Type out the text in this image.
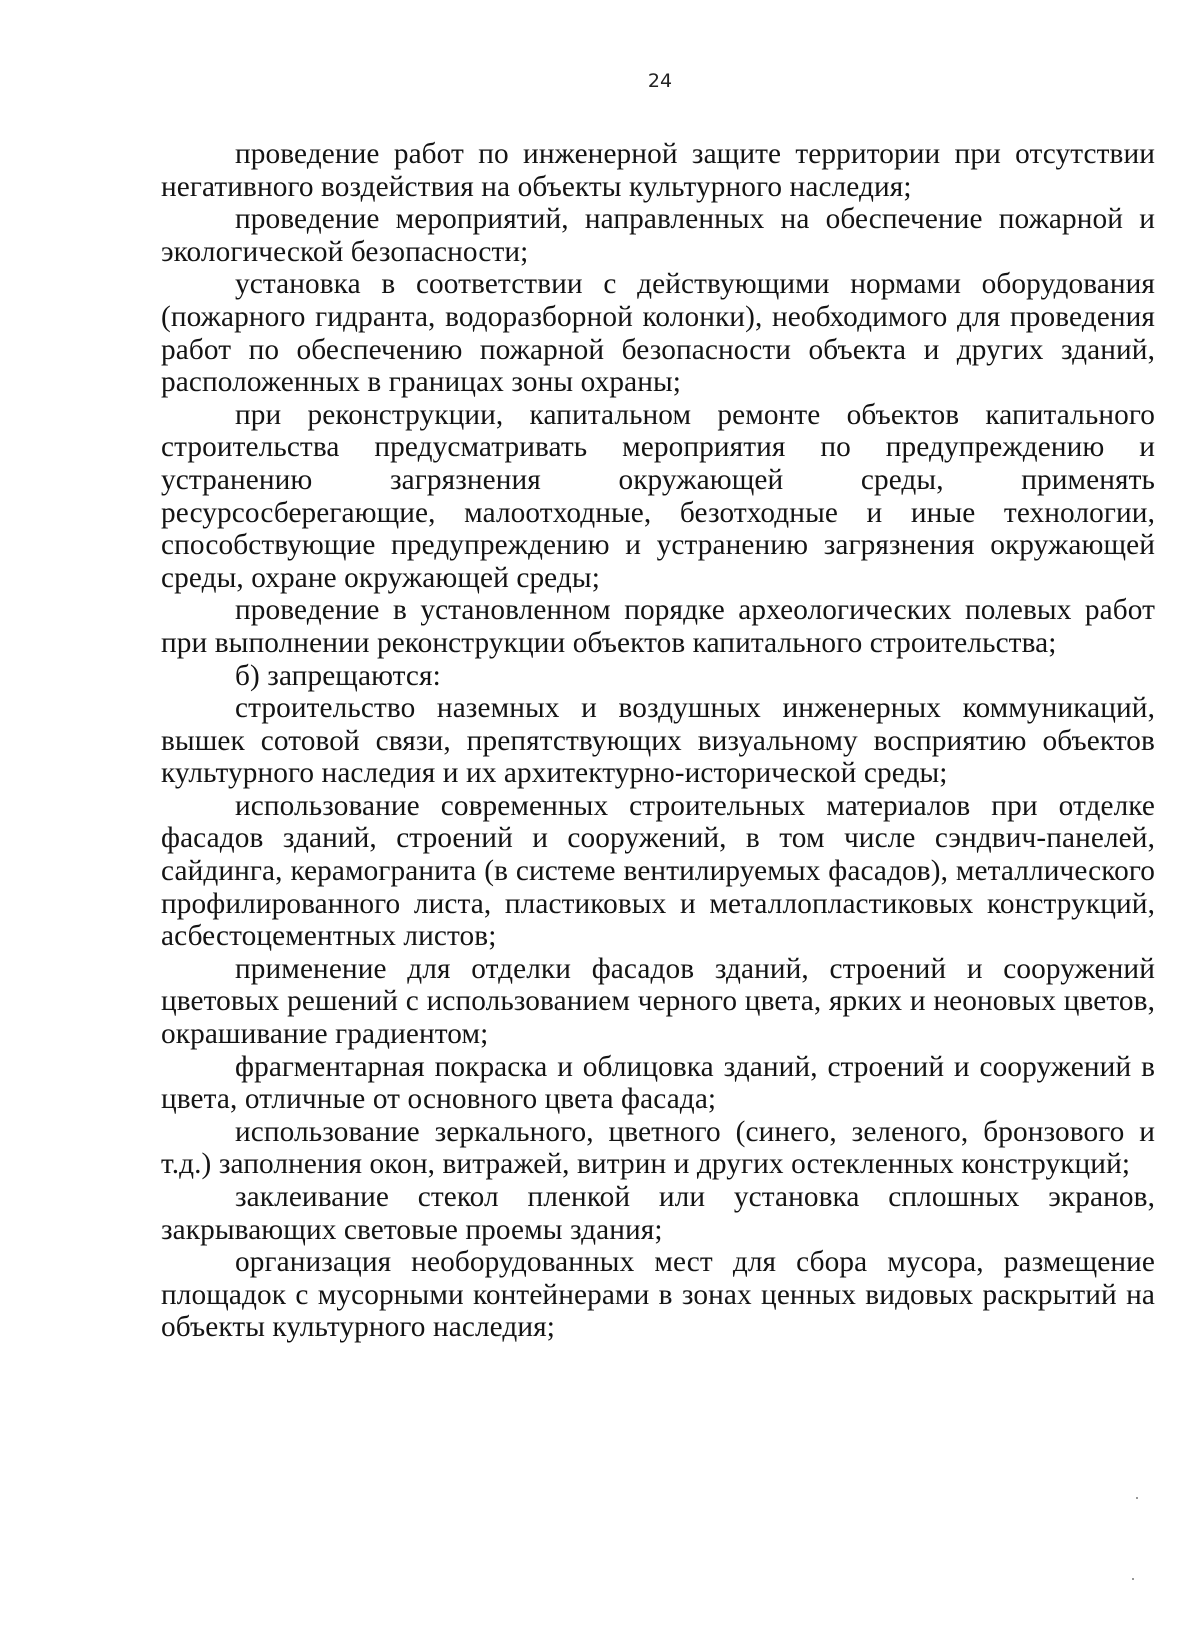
24

проведение работ по инженерной защите территории при отсутствии негативного воздействия на объекты культурного наследия;

проведение мероприятий, направленных на обеспечение пожарной и экологической безопасности;

установка в соответствии с действующими нормами оборудования (пожарного гидранта, водоразборной колонки), необходимого для проведения работ по обеспечению пожарной безопасности объекта и других зданий, расположенных в границах зоны охраны;

при реконструкции, капитальном ремонте объектов капитального строительства предусматривать мероприятия по предупреждению и устранению загрязнения окружающей среды, применять ресурсосберегающие, малоотходные, безотходные и иные технологии, способствующие предупреждению и устранению загрязнения окружающей среды, охране окружающей среды;

проведение в установленном порядке археологических полевых работ при выполнении реконструкции объектов капитального строительства;

б) запрещаются:

строительство наземных и воздушных инженерных коммуникаций, вышек сотовой связи, препятствующих визуальному восприятию объектов культурного наследия и их архитектурно-исторической среды;

использование современных строительных материалов при отделке фасадов зданий, строений и сооружений, в том числе сэндвич-панелей, сайдинга, керамогранита (в системе вентилируемых фасадов), металлического профилированного листа, пластиковых и металлопластиковых конструкций, асбестоцементных листов;

применение для отделки фасадов зданий, строений и сооружений цветовых решений с использованием черного цвета, ярких и неоновых цветов, окрашивание градиентом;

фрагментарная покраска и облицовка зданий, строений и сооружений в цвета, отличные от основного цвета фасада;

использование зеркального, цветного (синего, зеленого, бронзового и т.д.) заполнения окон, витражей, витрин и других остекленных конструкций;

заклеивание стекол пленкой или установка сплошных экранов, закрывающих световые проемы здания;

организация необорудованных мест для сбора мусора, размещение площадок с мусорными контейнерами в зонах ценных видовых раскрытий на объекты культурного наследия;
